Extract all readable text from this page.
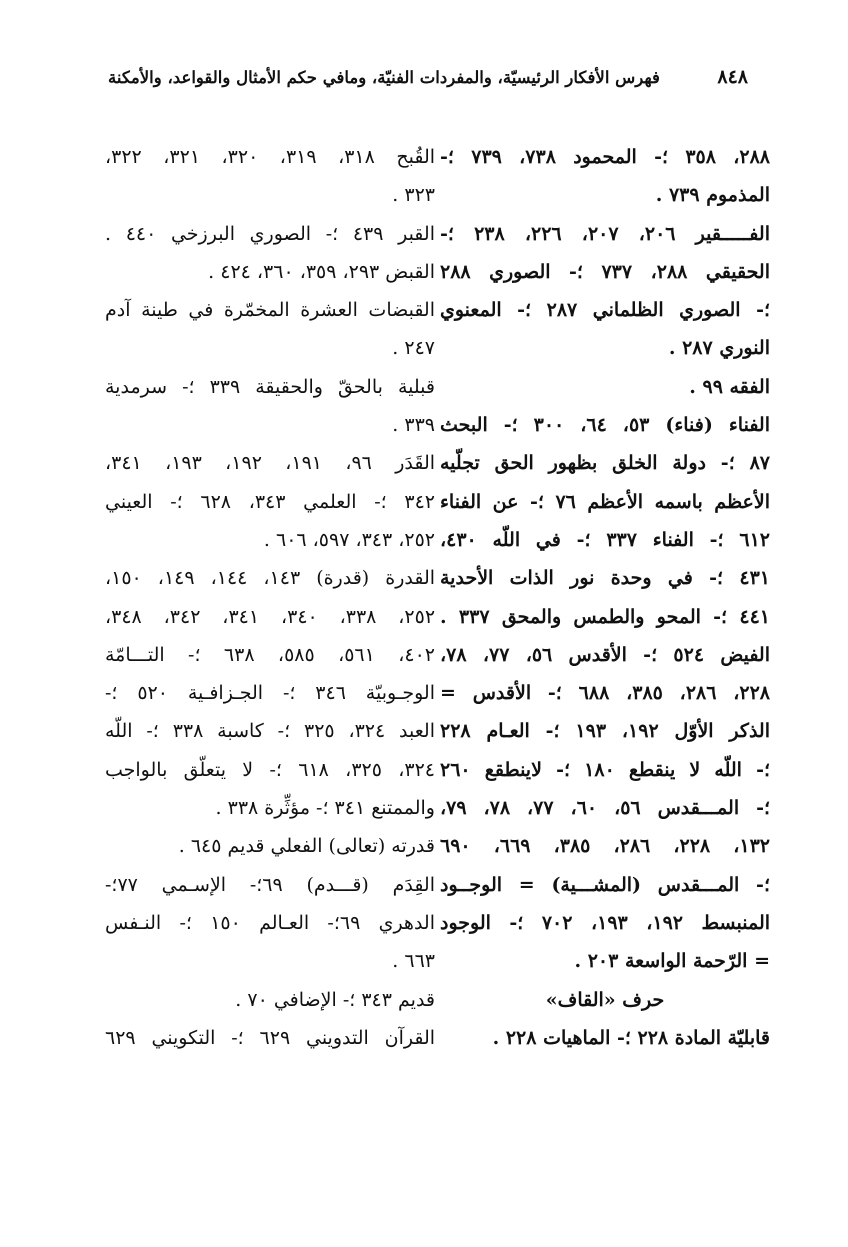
٨٤٨
فهرس الأفكار الرئيسيّة، والمفردات الفنيّة، ومافي حكم الأمثال والقواعد، والأمكنة
٢٨٨، ٣٥٨ ؛- المحمود ٧٣٨، ٧٣٩ ؛-
المذموم ٧٣٩ .
الفـــــقير ٢٠٦، ٢٠٧، ٢٢٦، ٢٣٨ ؛-
الحقيقي ٢٨٨، ٧٣٧ ؛- الصوري ٢٨٨
؛- الصوري الظلماني ٢٨٧ ؛- المعنوي
النوري ٢٨٧ .
الفقه ٩٩ .
الفناء (فناء) ٥٣، ٦٤، ٣٠٠ ؛- البحث
٨٧ ؛- دولة الخلق بظهور الحق تجلّيه
الأعظم باسمه الأعظم ٧٦ ؛- عن الفناء
٦١٢ ؛- الفناء ٣٣٧ ؛- في اللّه ٤٣٠،
٤٣١ ؛- في وحدة نور الذات الأحدية
٤٤١ ؛- المحو والطمس والمحق ٣٣٧ .
الفيض ٥٢٤ ؛- الأقدس ٥٦، ٧٧، ٧٨،
٢٢٨، ٢٨٦، ٣٨٥، ٦٨٨ ؛- الأقدس =
الذكر الأوّل ١٩٢، ١٩٣ ؛- العـام ٢٢٨
؛- اللّه لا ينقطع ١٨٠ ؛- لاينطقع ٢٦٠
؛- المـــقدس ٥٦، ٦٠، ٧٧، ٧٨، ٧٩،
١٣٢، ٢٢٨، ٢٨٦، ٣٨٥، ٦٦٩، ٦٩٠
؛- المـــقدس (المشـــية) = الوجــود
المنبسط ١٩٢، ١٩٣، ٧٠٢ ؛- الوجود
= الرّحمة الواسعة ٢٠٣ .
حرف «القاف»
قابليّة المادة ٢٢٨ ؛- الماهيات ٢٢٨ .
القُبح ٣١٨، ٣١٩، ٣٢٠، ٣٢١، ٣٢٢،
٣٢٣ .
القبر ٤٣٩ ؛- الصوري البرزخي ٤٤٠ .
القبض ٢٩٣، ٣٥٩، ٣٦٠، ٤٢٤ .
القبضات العشرة المخمّرة في طينة آدم
٢٤٧ .
قبلية بالحقّ والحقيقة ٣٣٩ ؛- سرمدية
٣٣٩ .
القَدَر ٩٦، ١٩١، ١٩٢، ١٩٣، ٣٤١،
٣٤٢ ؛- العلمي ٣٤٣، ٦٢٨ ؛- العيني
٢٥٢، ٣٤٣، ٥٩٧، ٦٠٦ .
القدرة (قدرة) ١٤٣، ١٤٤، ١٤٩، ١٥٠،
٢٥٢، ٣٣٨، ٣٤٠، ٣٤١، ٣٤٢، ٣٤٨،
٤٠٢، ٥٦١، ٥٨٥، ٦٣٨ ؛- التـــامّة
الوجـوبيّة ٣٤٦ ؛- الجـزافـية ٥٢٠ ؛-
العبد ٣٢٤، ٣٢٥ ؛- كاسبة ٣٣٨ ؛- اللّه
٣٢٤، ٣٢٥، ٦١٨ ؛- لا يتعلّق بالواجب
والممتنع ٣٤١ ؛- مؤثِّرة ٣٣٨ .
قدرته (تعالى) الفعلي قديم ٦٤٥ .
القِدَم (قـــدم) ٦٩؛- الإسـمي ٧٧؛-
الدهري ٦٩؛- العـالم ١٥٠ ؛- النـفس
٦٦٣ .
قديم ٣٤٣ ؛- الإضافي ٧٠ .
القرآن التدويني ٦٢٩ ؛- التكويني ٦٢٩
